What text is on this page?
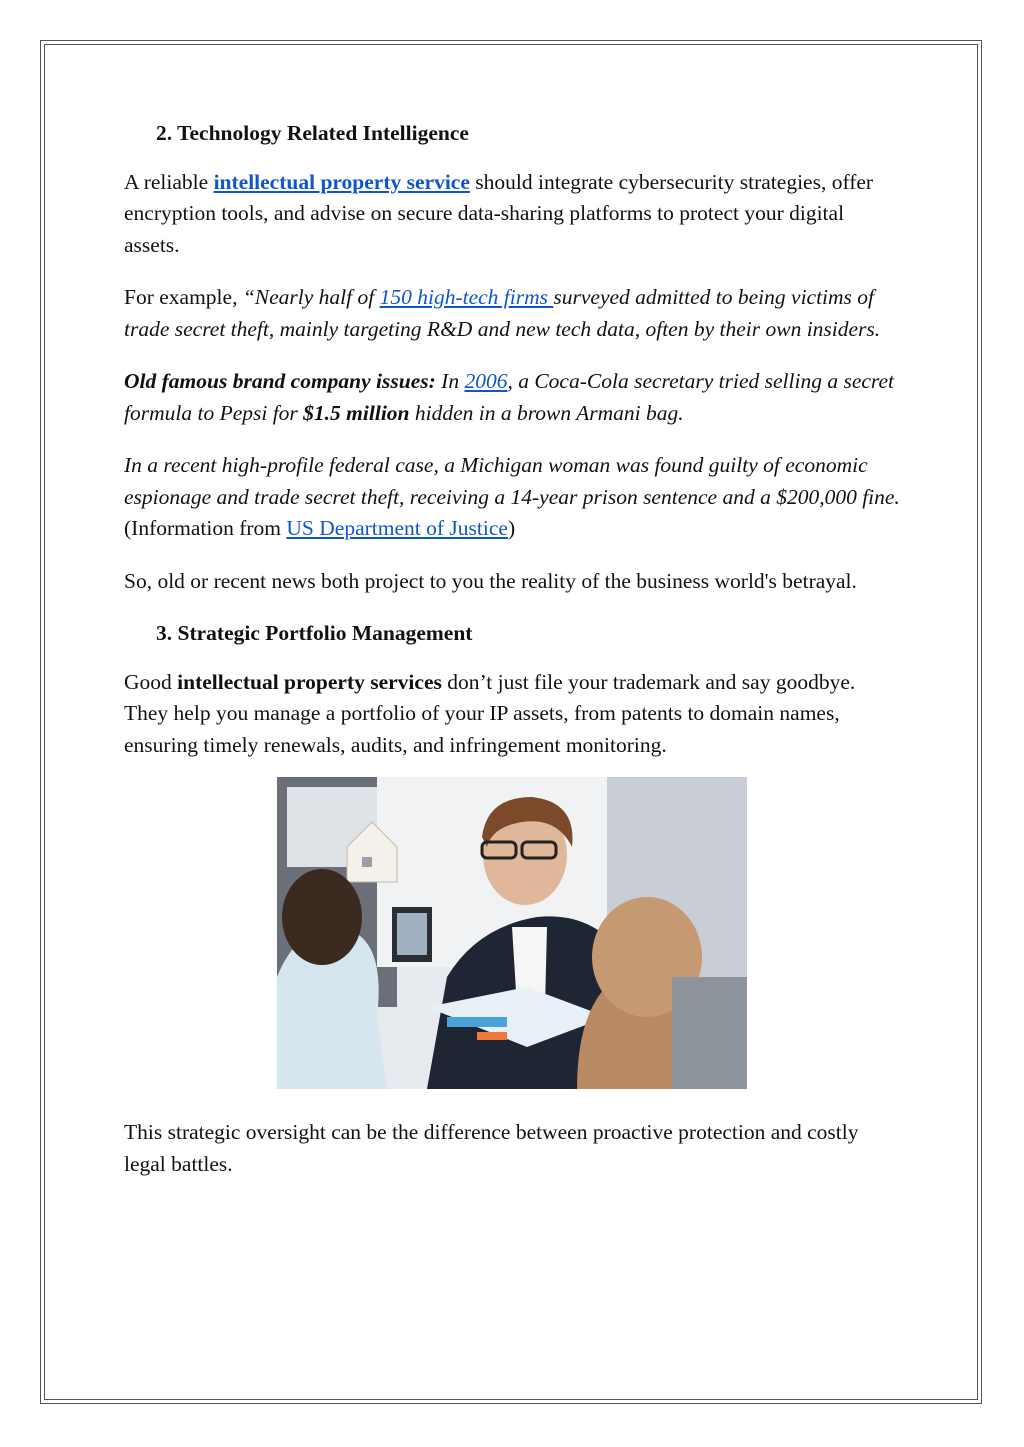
2. Technology Related Intelligence

A reliable intellectual property service should integrate cybersecurity strategies, offer encryption tools, and advise on secure data-sharing platforms to protect your digital assets.

For example, “Nearly half of 150 high-tech firms surveyed admitted to being victims of trade secret theft, mainly targeting R&D and new tech data, often by their own insiders.

Old famous brand company issues: In 2006, a Coca-Cola secretary tried selling a secret formula to Pepsi for $1.5 million hidden in a brown Armani bag.

In a recent high-profile federal case, a Michigan woman was found guilty of economic espionage and trade secret theft, receiving a 14-year prison sentence and a $200,000 fine. (Information from US Department of Justice)

So, old or recent news both project to you the reality of the business world's betrayal.

3. Strategic Portfolio Management

Good intellectual property services don’t just file your trademark and say goodbye. They help you manage a portfolio of your IP assets, from patents to domain names, ensuring timely renewals, audits, and infringement monitoring.

This strategic oversight can be the difference between proactive protection and costly legal battles.
